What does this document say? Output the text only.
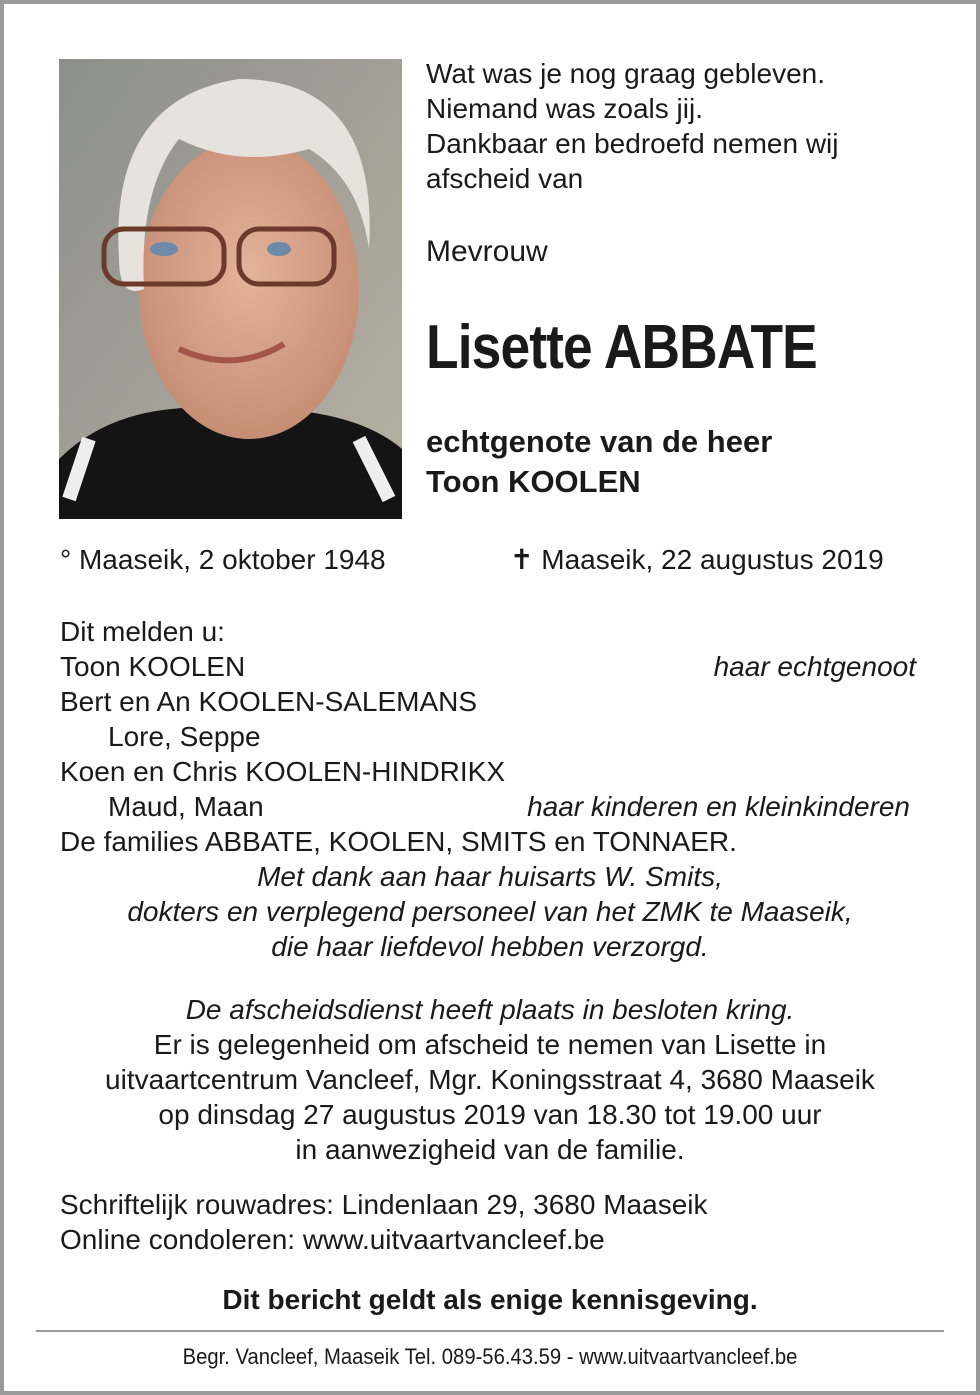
Wat was je nog graag gebleven.
Niemand was zoals jij.
Dankbaar en bedroefd nemen wij
afscheid van
Mevrouw
Lisette ABBATE
echtgenote van de heer
Toon KOOLEN
° Maaseik, 2 oktober 1948	✝ Maaseik, 22 augustus 2019
Dit melden u:
Toon KOOLEN	haar echtgenoot
Bert en An KOOLEN-SALEMANS
Lore, Seppe
Koen en Chris KOOLEN-HINDRIKX
Maud, Maan	haar kinderen en kleinkinderen
De families ABBATE, KOOLEN, SMITS en TONNAER.
Met dank aan haar huisarts W. Smits,
dokters en verplegend personeel van het ZMK te Maaseik,
die haar liefdevol hebben verzorgd.
De afscheidsdienst heeft plaats in besloten kring.
Er is gelegenheid om afscheid te nemen van Lisette in
uitvaartcentrum Vancleef, Mgr. Koningsstraat 4, 3680 Maaseik
op dinsdag 27 augustus 2019 van 18.30 tot 19.00 uur
in aanwezigheid van de familie.
Schriftelijk rouwadres: Lindenlaan 29, 3680 Maaseik
Online condoleren: www.uitvaartvancleef.be
Dit bericht geldt als enige kennisgeving.
Begr. Vancleef, Maaseik Tel. 089-56.43.59 - www.uitvaartvancleef.be
